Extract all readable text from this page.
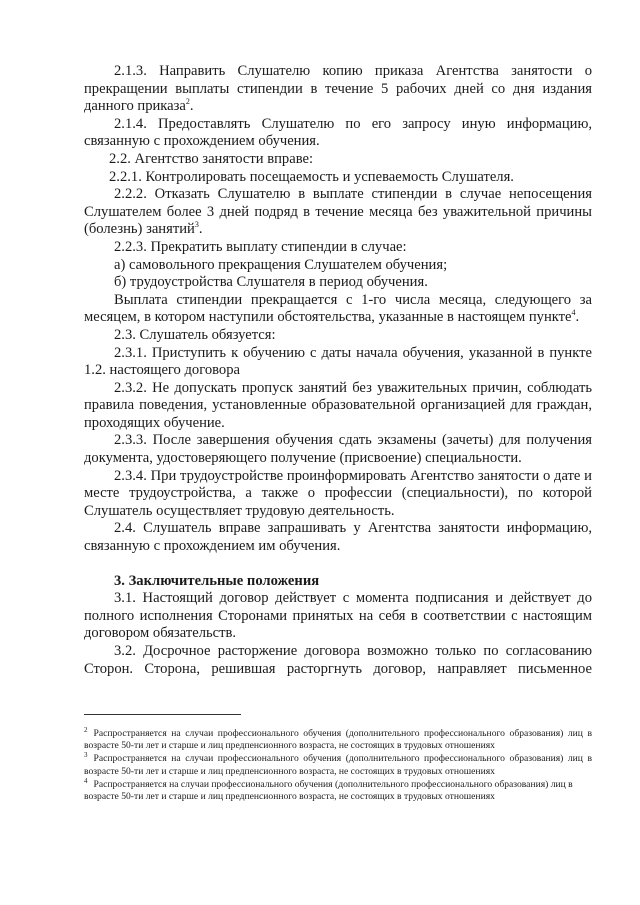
2.1.3. Направить Слушателю копию приказа Агентства занятости о прекращении выплаты стипендии в течение 5 рабочих дней со дня издания данного приказа$^2$.

2.1.4. Предоставлять Слушателю по его запросу иную информацию, связанную с прохождением обучения.

2.2. Агентство занятости вправе:

2.2.1. Контролировать посещаемость и успеваемость Слушателя.

2.2.2. Отказать Слушателю в выплате стипендии в случае непосещения Слушателем более 3 дней подряд в течение месяца без уважительной причины (болезнь) занятий$^3$.

2.2.3. Прекратить выплату стипендии в случае:

а) самовольного прекращения Слушателем обучения;

б) трудоустройства Слушателя в период обучения.

Выплата стипендии прекращается с 1-го числа месяца, следующего за месяцем, в котором наступили обстоятельства, указанные в настоящем пункте$^4$.

2.3. Слушатель обязуется:

2.3.1. Приступить к обучению с даты начала обучения, указанной в пункте 1.2. настоящего договора

2.3.2. Не допускать пропуск занятий без уважительных причин, соблюдать правила поведения, установленные образовательной организацией для граждан, проходящих обучение.

2.3.3. После завершения обучения сдать экзамены (зачеты) для получения документа, удостоверяющего получение (присвоение) специальности.

2.3.4. При трудоустройстве проинформировать Агентство занятости о дате и месте трудоустройства, а также о профессии (специальности), по которой Слушатель осуществляет трудовую деятельность.

2.4. Слушатель вправе запрашивать у Агентства занятости информацию, связанную с прохождением им обучения.

3. Заключительные положения

3.1. Настоящий договор действует с момента подписания и действует до полного исполнения Сторонами принятых на себя в соответствии с настоящим договором обязательств.

3.2. Досрочное расторжение договора возможно только по согласованию Сторон. Сторона, решившая расторгнуть договор, направляет письменное

$^2$ Распространяется на случаи профессионального обучения (дополнительного профессионального образования) лиц в возрасте 50-ти лет и старше и лиц предпенсионного возраста, не состоящих в трудовых отношениях

$^3$ Распространяется на случаи профессионального обучения (дополнительного профессионального образования) лиц в возрасте 50-ти лет и старше и лиц предпенсионного возраста, не состоящих в трудовых отношениях

$^4$ Распространяется на случаи профессионального обучения (дополнительного профессионального образования) лиц в возрасте 50-ти лет и старше и лиц предпенсионного возраста, не состоящих в трудовых отношениях
